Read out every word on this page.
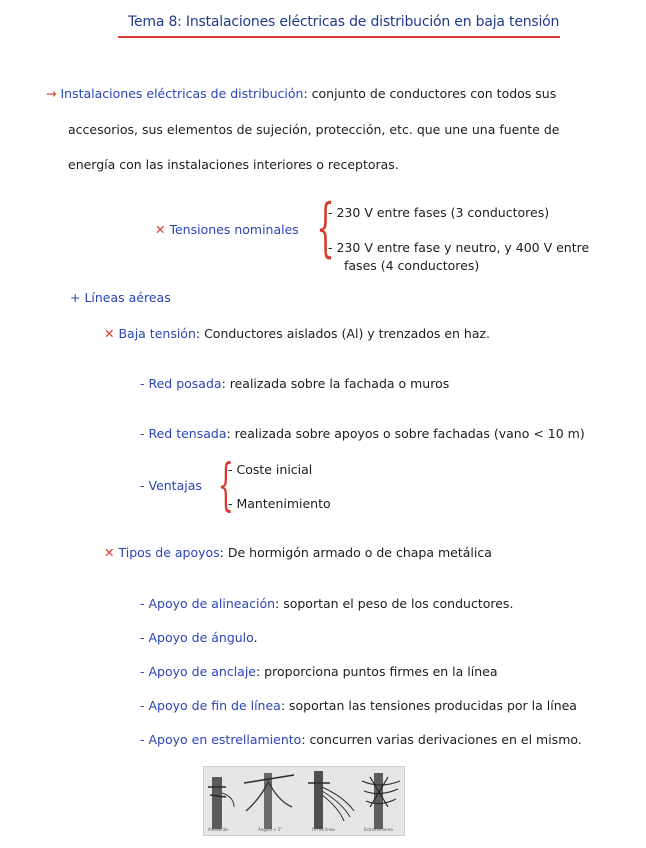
Tema 8: Instalaciones eléctricas de distribución en baja tensión
→ Instalaciones eléctricas de distribución: conjunto de conductores con todos sus
accesorios, sus elementos de sujeción, protección, etc. que une una fuente de
energía con las instalaciones interiores o receptoras.
✕ Tensiones nominales {
- 230 V entre fases (3 conductores)
- 230 V entre fase y neutro, y 400 V entre
fases (4 conductores)
+ Líneas aéreas
✕ Baja tensión: Conductores aislados (Al) y trenzados en haz.
- Red posada: realizada sobre la fachada o muros
- Red tensada: realizada sobre apoyos o sobre fachadas (vano < 10 m)
- Ventajas {
- Coste inicial
- Mantenimiento
✕ Tipos de apoyos: De hormigón armado o de chapa metálica
- Apoyo de alineación: soportan el peso de los conductores.
- Apoyo de ángulo.
- Apoyo de anclaje: proporciona puntos firmes en la línea
- Apoyo de fin de línea: soportan las tensiones producidas por la línea
- Apoyo en estrellamiento: concurren varias derivaciones en el mismo.
Alineación	Ángulo < 5°	Fin de línea	Estrellamiento
